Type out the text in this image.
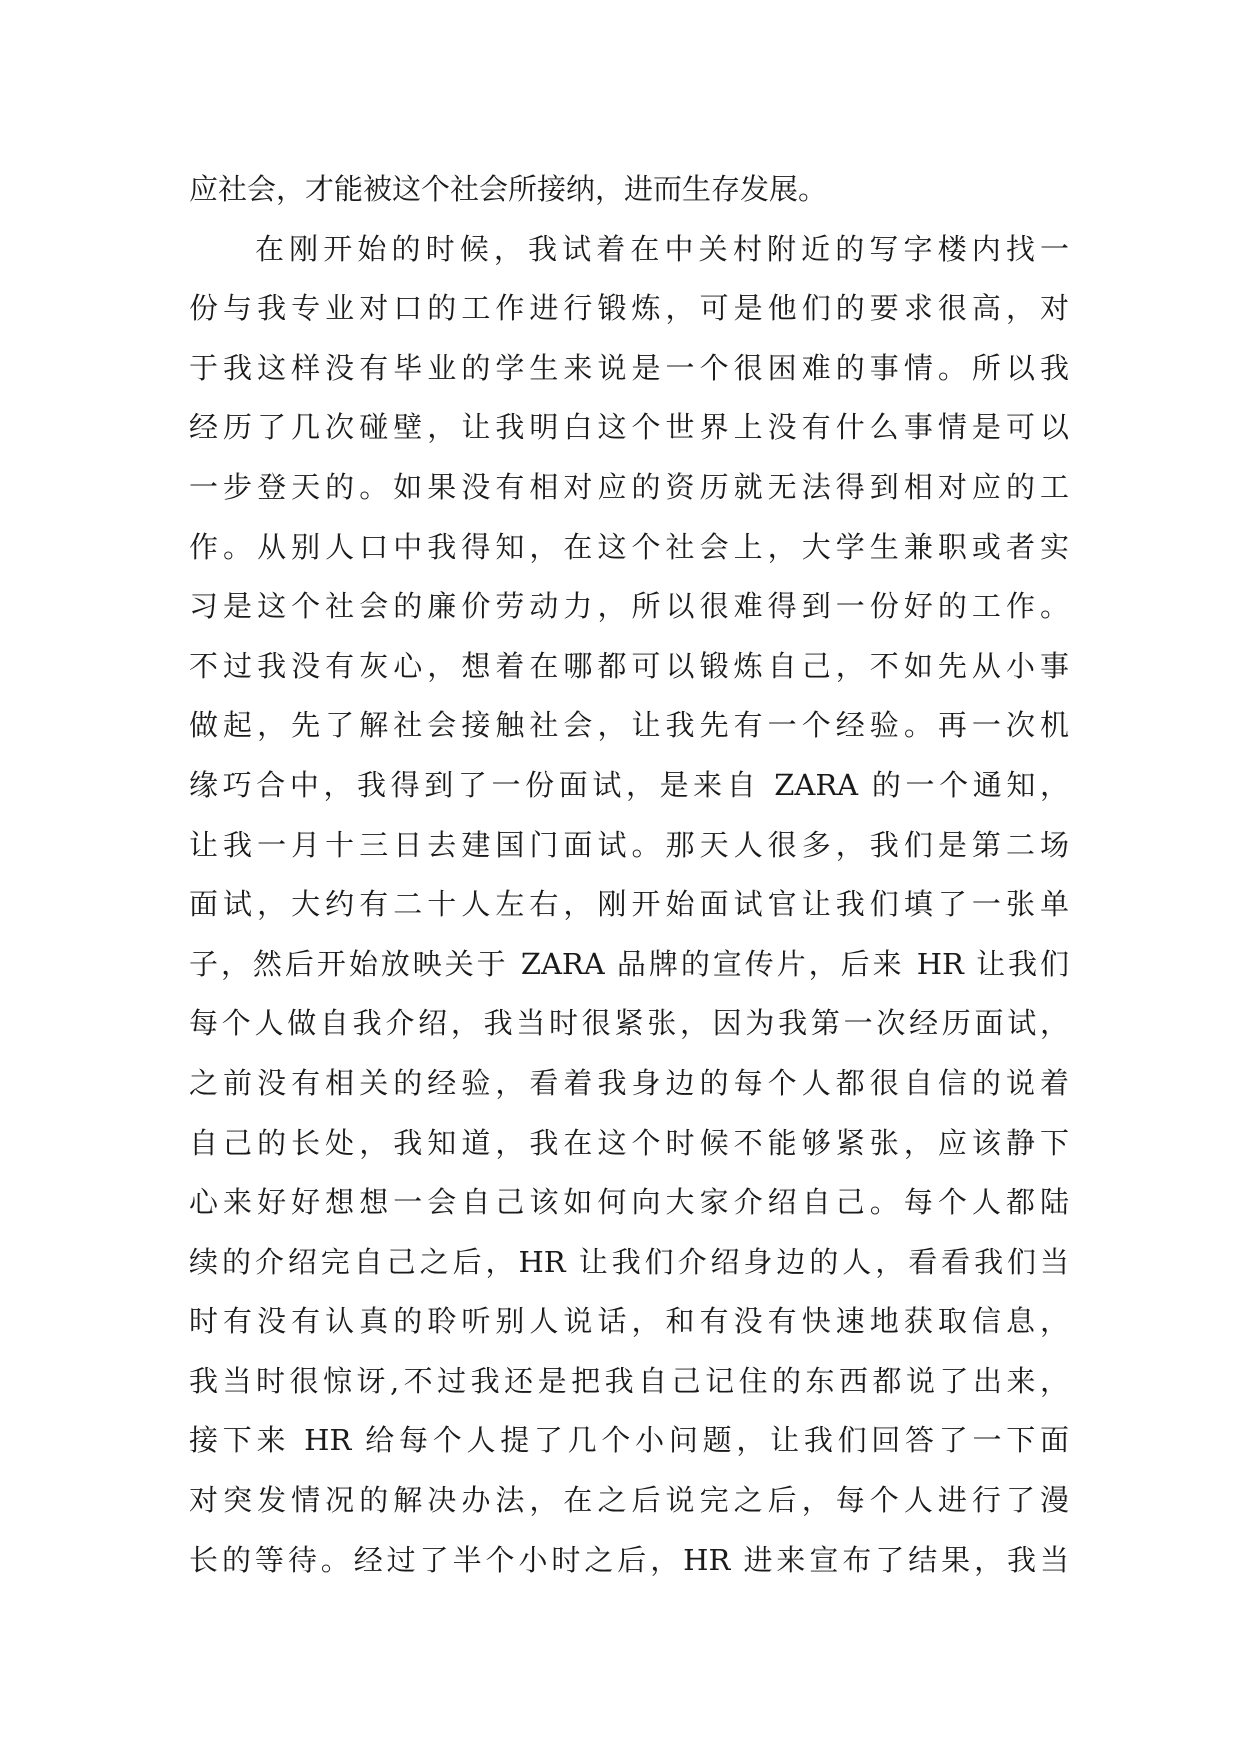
应社会，才能被这个社会所接纳，进而生存发展。
在刚开始的时候，我试着在中关村附近的写字楼内找一
份与我专业对口的工作进行锻炼，可是他们的要求很高，对
于我这样没有毕业的学生来说是一个很困难的事情。所以我
经历了几次碰壁，让我明白这个世界上没有什么事情是可以
一步登天的。如果没有相对应的资历就无法得到相对应的工
作。从别人口中我得知，在这个社会上，大学生兼职或者实
习是这个社会的廉价劳动力，所以很难得到一份好的工作。
不过我没有灰心，想着在哪都可以锻炼自己，不如先从小事
做起，先了解社会接触社会，让我先有一个经验。再一次机
缘巧合中，我得到了一份面试，是来自 ZARA 的一个通知，
让我一月十三日去建国门面试。那天人很多，我们是第二场
面试，大约有二十人左右，刚开始面试官让我们填了一张单
子，然后开始放映关于 ZARA 品牌的宣传片，后来 HR 让我们
每个人做自我介绍，我当时很紧张，因为我第一次经历面试，
之前没有相关的经验，看着我身边的每个人都很自信的说着
自己的长处，我知道，我在这个时候不能够紧张，应该静下
心来好好想想一会自己该如何向大家介绍自己。每个人都陆
续的介绍完自己之后，HR 让我们介绍身边的人，看看我们当
时有没有认真的聆听别人说话，和有没有快速地获取信息，
我当时很惊讶,不过我还是把我自己记住的东西都说了出来，
接下来 HR 给每个人提了几个小问题，让我们回答了一下面
对突发情况的解决办法，在之后说完之后，每个人进行了漫
长的等待。经过了半个小时之后，HR 进来宣布了结果，我当
